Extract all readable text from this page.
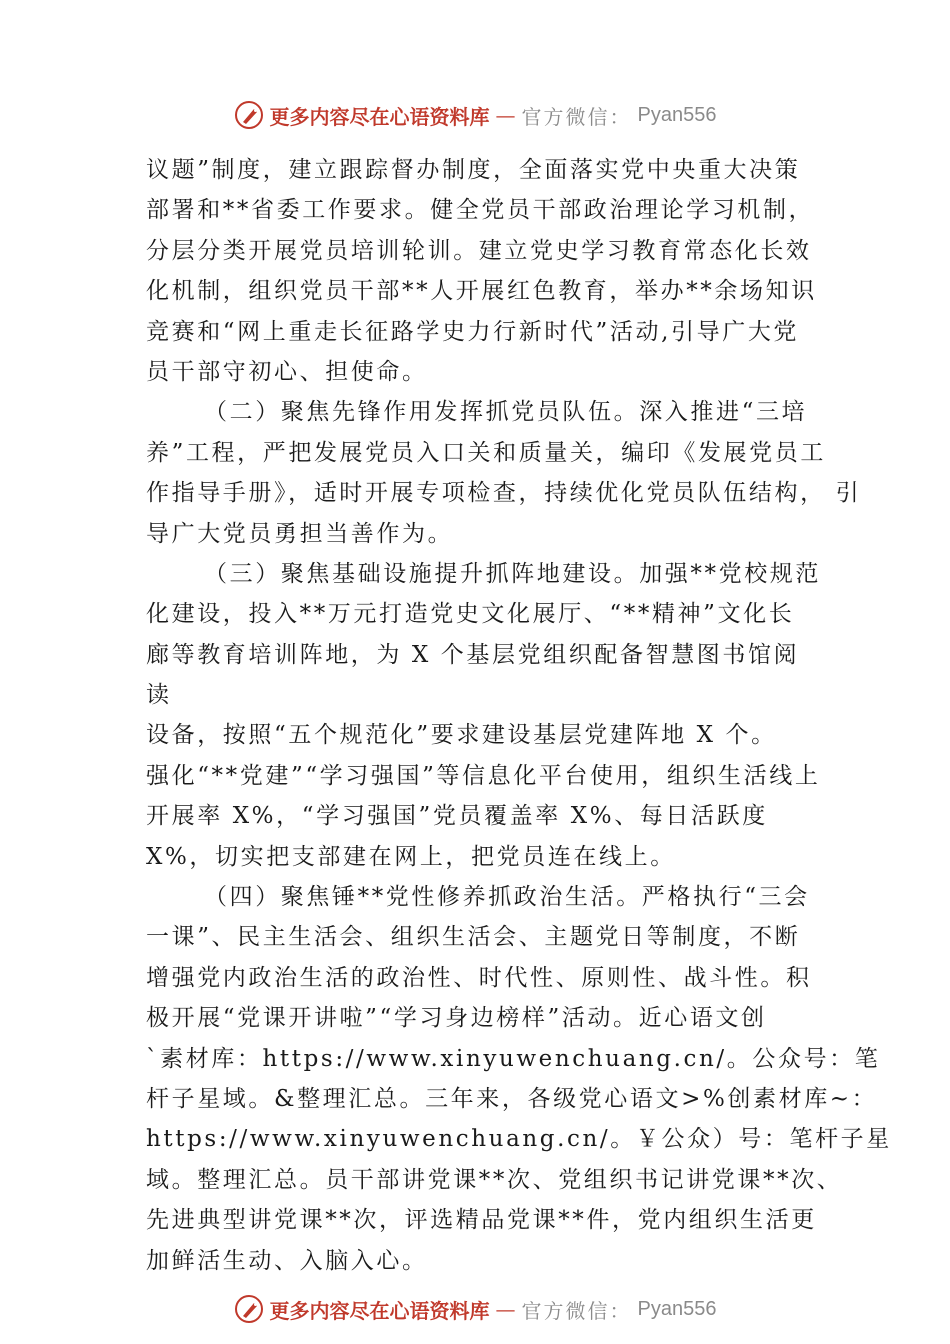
更多内容尽在心语资料库 — 官方微信： Pyan556
议题”制度，建立跟踪督办制度，全面落实党中央重大决策
部署和**省委工作要求。健全党员干部政治理论学习机制，
分层分类开展党员培训轮训。建立党史学习教育常态化长效
化机制，组织党员干部**人开展红色教育，举办**余场知识
竞赛和“网上重走长征路学史力行新时代”活动,引导广大党
员干部守初心、担使命。
（二）聚焦先锋作用发挥抓党员队伍。深入推进“三培
养”工程，严把发展党员入口关和质量关，编印《发展党员工
作指导手册》，适时开展专项检查，持续优化党员队伍结构， 引
导广大党员勇担当善作为。
（三）聚焦基础设施提升抓阵地建设。加强**党校规范
化建设，投入**万元打造党史文化展厅、“**精神”文化长
廊等教育培训阵地，为 X 个基层党组织配备智慧图书馆阅
读
设备，按照“五个规范化”要求建设基层党建阵地 X 个。
强化“**党建”“学习强国”等信息化平台使用，组织生活线上
开展率 X%，“学习强国”党员覆盖率 X%、每日活跃度
X%，切实把支部建在网上，把党员连在线上。
（四）聚焦锤**党性修养抓政治生活。严格执行“三会
一课”、民主生活会、组织生活会、主题党日等制度，不断
增强党内政治生活的政治性、时代性、原则性、战斗性。积
极开展“党课开讲啦”“学习身边榜样”活动。近心语文创
`素材库：https://www.xinyuwenchuang.cn/。公众号：笔
杆子星域。&整理汇总。三年来，各级党心语文>%创素材库~：
https://www.xinyuwenchuang.cn/。￥公众）号：笔杆子星
域。整理汇总。员干部讲党课**次、党组织书记讲党课**次、
先进典型讲党课**次，评选精品党课**件，党内组织生活更
加鲜活生动、入脑入心。
更多内容尽在心语资料库 — 官方微信： Pyan556
